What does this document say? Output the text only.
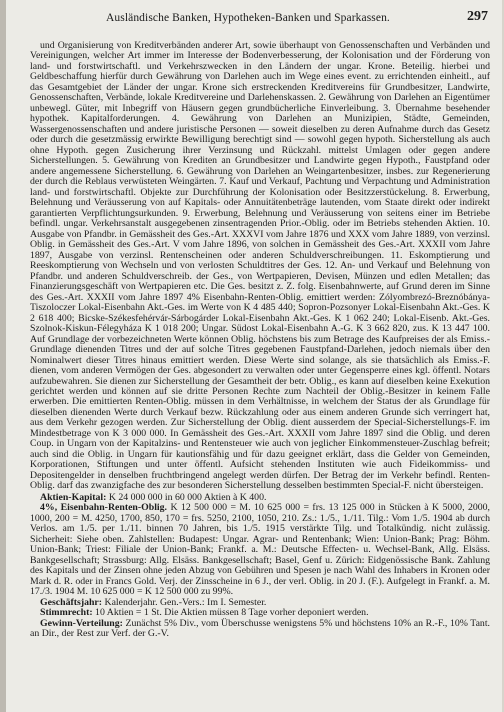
Ausländische Banken, Hypotheken-Banken und Sparkassen.	297
und Organisierung von Kreditverbänden anderer Art, sowie überhaupt von Genossenschaften und Verbänden und Vereinigungen, welcher Art immer im Interesse der Bodenverbesserung, der Kolonisation und der Förderung von land- und forstwirtschaftl. und Verkehrszwecken in den Ländern der ungar. Krone. Beteilig. hierbei und Geldbeschaffung hierfür durch Gewährung von Darlehen auch im Wege eines event. zu errichtenden einheitl., auf das Gesamtgebiet der Länder der ungar. Krone sich erstreckenden Kreditvereins für Grundbesitzer, Landwirte, Genossenschaften, Verbände, lokale Kreditvereine und Darlehenskassen. 2. Gewährung von Darlehen an Eigentümer unbewegl. Güter, mit Inbegriff von Häusern gegen grundbücherliche Einverleibung. 3. Übernahme besehender hypothek. Kapitalforderungen. 4. Gewährung von Darlehen an Munizipien, Städte, Gemeinden, Wassergenossenschaften und andere juristische Personen — soweit dieselben zu deren Aufnahme durch das Gesetz oder durch die gesetzmässig erwirkte Bewilligung berechtigt sind — sowohl gegen hypoth. Sicherstellung als auch ohne Hypoth. gegen Zusicherung ihrer Verzinsung und Rückzahl. mittelst Umlagen oder gegen andere Sicherstellungen. 5. Gewährung von Krediten an Grundbesitzer und Landwirte gegen Hypoth., Faustpfand oder andere angemessene Sicherstellung. 6. Gewährung von Darlehen an Weingartenbesitzer, insbes. zur Regenerierung der durch die Reblaus verwüsteten Weingärten. 7. Kauf und Verkauf, Pachtung und Verpachtung und Administration land- und forstwirtschaftl. Objekte zur Durchführung der Kolonisation oder Besitzzerstückelung. 8. Erwerbung, Belehnung und Veräusserung von auf Kapitals- oder Annuitätenbeträge lautenden, vom Staate direkt oder indirekt garantierten Verpflichtungsurkunden. 9. Erwerbung, Belehnung und Veräusserung von seitens einer im Betriebe befindl. ungar. Verkehrsanstalt ausgegebenen zinsentragenden Prior.-Oblig. oder im Betriebs stehenden Aktien. 10. Ausgabe von Pfandbr. in Gemässheit des Ges.-Art. XXXVI vom Jahre 1876 und XXX vom Jahre 1889, von verzinsl. Oblig. in Gemässheit des Ges.-Art. V vom Jahre 1896, von solchen in Gemässheit des Ges.-Art. XXXII vom Jahre 1897, Ausgabe von verzinsl. Rentenscheinen oder anderen Schuldverschreibungen. 11. Eskomptierung und Reeskomptierung von Wechseln und von verlosten Schuldtitres der Ges. 12. An- und Verkauf und Belehnung von Pfandbr. und anderen Schuldverschreib. der Ges., von Wertpapieren, Devisen, Münzen und edlen Metallen; das Finanzierungsgeschäft von Wertpapieren etc. Die Ges. besitzt z. Z. folg. Eisenbahnwerte, auf Grund deren im Sinne des Ges.-Art. XXXII vom Jahre 1897 4% Eisenbahn-Renten-Oblig. emittiert werden: Zólyombrezó-Breznóbánya-Tiszoloczer Lokal-Eisenbahn Akt.-Ges. im Werte von K 4 485 440; Sopron-Pozsonyer Lokal-Eisenbahn Akt.-Ges. K 2 618 400; Bicske-Székesfehérvár-Sárbogárder Lokal-Eisenbahn Akt.-Ges. K 1 062 240; Lokal-Eisenb. Akt.-Ges. Szolnok-Kiskun-Félegyháza K 1 018 200; Ungar. Südost Lokal-Eisenbahn A.-G. K 3 662 820, zus. K 13 447 100. Auf Grundlage der vorbezeichneten Werte können Oblig. höchstens bis zum Betrage des Kaufpreises der als Emiss.-Grundlage dienenden Titres und der auf solche Titres gegebenen Faustpfand-Darlehen, jedoch niemals über den Nominalwert dieser Titres hinaus emittiert werden. Diese Werte sind solange, als sie thatsächlich als Emiss.-F. dienen, vom anderen Vermögen der Ges. abgesondert zu verwalten oder unter Gegensperre eines kgl. öffentl. Notars aufzubewahren. Sie dienen zur Sicherstellung der Gesamtheit der betr. Oblig., es kann auf dieselben keine Exekution gerichtet werden und können auf sie dritte Personen Rechte zum Nachteil der Oblig.-Besitzer in keinem Falle erwerben. Die emittierten Renten-Oblig. müssen in dem Verhältnisse, in welchem der Status der als Grundlage für dieselben dienenden Werte durch Verkauf bezw. Rückzahlung oder aus einem anderen Grunde sich verringert hat, aus dem Verkehr gezogen werden. Zur Sicherstellung der Oblig. dient ausserdem der Special-Sicherstellungs-F. im Mindestbetrage von K 3 000 000. In Gemässheit des Ges.-Art. XXXII vom Jahre 1897 sind die Oblig. und deren Coup. in Ungarn von der Kapitalzins- und Rentensteuer wie auch von jeglicher Einkommensteuer-Zuschlag befreit; auch sind die Oblig. in Ungarn für kautionsfähig und für dazu geeignet erklärt, dass die Gelder von Gemeinden, Korporationen, Stiftungen und unter öffentl. Aufsicht stehenden Instituten wie auch Fideikommiss- und Depositengelder in denselben fruchtbringend angelegt werden dürfen. Der Betrag der im Verkehr befindl. Renten-Oblig. darf das zwanzigfache des zur besonderen Sicherstellung desselben bestimmten Special-F. nicht übersteigen.
Aktien-Kapital: K 24 000 000 in 60 000 Aktien à K 400.
4%, Eisenbahn-Renten-Oblig. K 12 500 000 = M. 10 625 000 = frs. 13 125 000 in Stücken à K 5000, 2000, 1000, 200 = M. 4250, 1700, 850, 170 = frs. 5250, 2100, 1050, 210. Zs.: 1./5., 1./11. Tilg.: Vom 1./5. 1904 ab durch Verlos. am 1./5. per 1./11. binnen 70 Jahren, bis 1./5. 1915 verstärkte Tilg. und Totalkündig. nicht zulässig. Sicherheit: Siehe oben. Zahlstellen: Budapest: Ungar. Agrar- und Rentenbank; Wien: Union-Bank; Prag: Böhm. Union-Bank; Triest: Filiale der Union-Bank; Frankf. a. M.: Deutsche Effecten- u. Wechsel-Bank, Allg. Elsäss. Bankgesellschaft; Strassburg: Allg. Elsäss. Bankgesellschaft; Basel, Genf u. Zürich: Eidgenössische Bank. Zahlung des Kapitals und der Zinsen ohne jeden Abzug von Gebühren und Spesen je nach Wahl des Inhabers in Kronen oder Mark d. R. oder in Francs Gold. Verj. der Zinsscheine in 6 J., der verl. Oblig. in 20 J. (F.). Aufgelegt in Frankf. a. M. 17./3. 1904 M. 10 625 000 = K 12 500 000 zu 99%.
Geschäftsjahr: Kalenderjahr. Gen.-Vers.: Im I. Semester.
Stimmrecht: 10 Aktien = 1 St. Die Aktien müssen 8 Tage vorher deponiert werden.
Gewinn-Verteilung: Zunächst 5% Div., vom Überschusse wenigstens 5% und höchstens 10% an R.-F., 10% Tant. an Dir., der Rest zur Verf. der G.-V.
